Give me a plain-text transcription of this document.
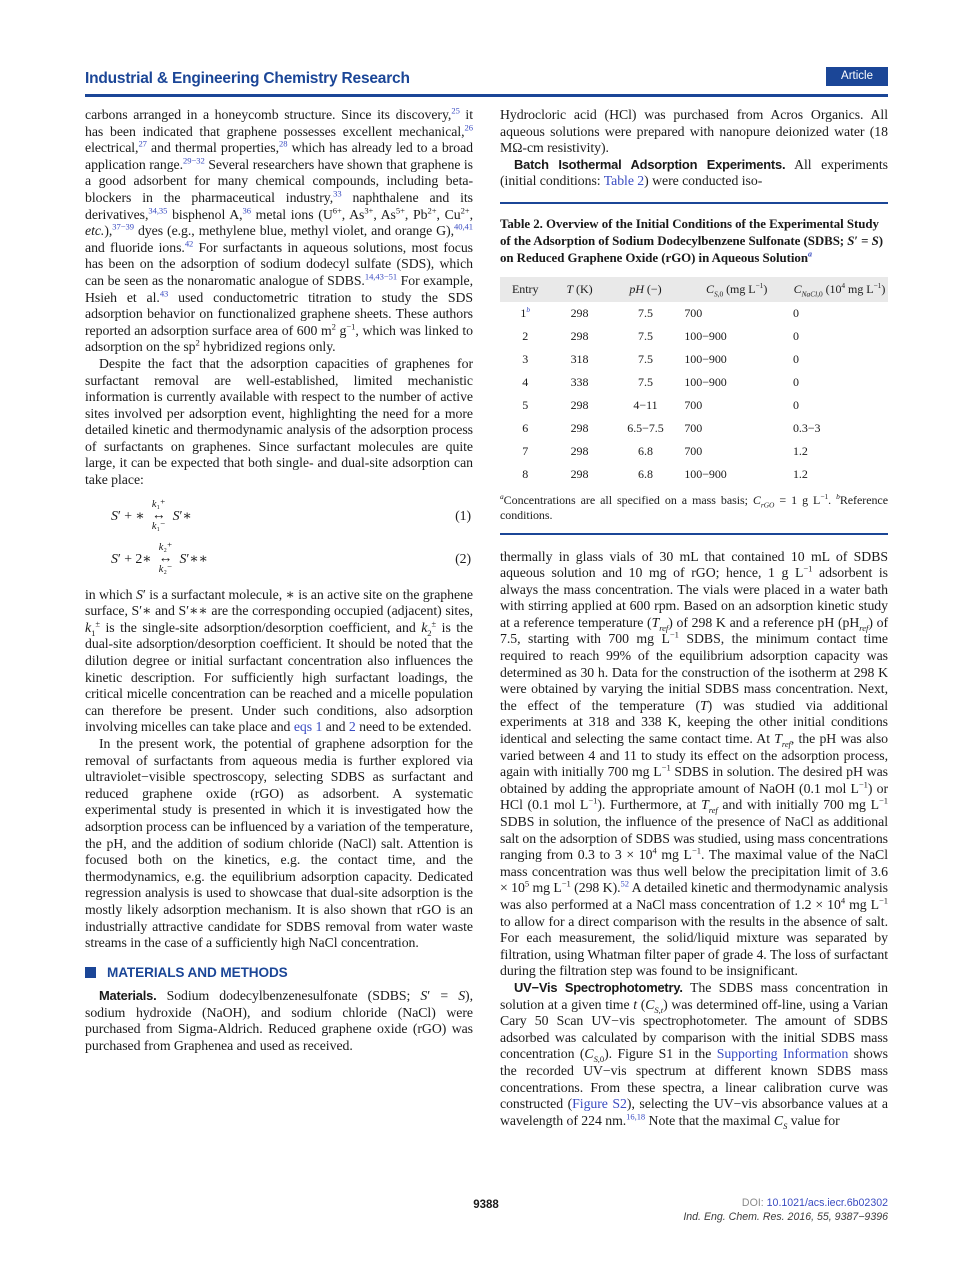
Industrial & Engineering Chemistry Research	Article

carbons arranged in a honeycomb structure. Since its discovery,$^{25}$ it has been indicated that graphene possesses excellent mechanical,$^{26}$ electrical,$^{27}$ and thermal properties,$^{28}$ which has already led to a broad application range.$^{29-32}$ Several researchers have shown that graphene is a good adsorbent for many chemical compounds, including beta-blockers in the pharmaceutical industry,$^{33}$ naphthalene and its derivatives,$^{34,35}$ bisphenol A,$^{36}$ metal ions ($U^{6+}$, $As^{3+}$, $As^{5+}$, $Pb^{2+}$, $Cu^{2+}$, etc.),$^{37-39}$ dyes (e.g., methylene blue, methyl violet, and orange G),$^{40,41}$ and fluoride ions.$^{42}$ For surfactants in aqueous solutions, most focus has been on the adsorption of sodium dodecyl sulfate (SDS), which can be seen as the nonaromatic analogue of SDBS.$^{14,43-51}$ For example, Hsieh et al.$^{43}$ used conductometric titration to study the SDS adsorption behavior on functionalized graphene sheets. These authors reported an adsorption surface area of 600 $m^2$ $g^{-1}$, which was linked to adsorption on the $sp^2$ hybridized regions only.

Despite the fact that the adsorption capacities of graphenes for surfactant removal are well-established, limited mechanistic information is currently available with respect to the number of active sites involved per adsorption event, highlighting the need for a more detailed kinetic and thermodynamic analysis of the adsorption process of surfactants on graphenes. Since surfactant molecules are quite large, it can be expected that both single- and dual-site adsorption can take place:

S′ + ∗
k₁⁺
↔
k₁⁻
S′∗	(1)
S′ + 2∗
k₂⁺
↔
k₂⁻
S′∗∗	(2)

in which S′ is a surfactant molecule, ∗ is an active site on the graphene surface, S′∗ and S′∗∗ are the corresponding occupied (adjacent) sites, $k_1^\pm$ is the single-site adsorption/desorption coefficient, and $k_2^\pm$ is the dual-site adsorption/desorption coefficient. It should be noted that the dilution degree or initial surfactant concentration also influences the kinetic description. For sufficiently high surfactant loadings, the critical micelle concentration can be reached and a micelle population can therefore be present. Under such conditions, also adsorption involving micelles can take place and eqs 1 and 2 need to be extended.

In the present work, the potential of graphene adsorption for the removal of surfactants from aqueous media is further explored via ultraviolet−visible spectroscopy, selecting SDBS as surfactant and reduced graphene oxide (rGO) as adsorbent. A systematic experimental study is presented in which it is investigated how the adsorption process can be influenced by a variation of the temperature, the pH, and the addition of sodium chloride (NaCl) salt. Attention is focused both on the kinetics, e.g. the contact time, and the thermodynamics, e.g. the equilibrium adsorption capacity. Dedicated regression analysis is used to showcase that dual-site adsorption is the mostly likely adsorption mechanism. It is also shown that rGO is an industrially attractive candidate for SDBS removal from water waste streams in the case of a sufficiently high NaCl concentration.

MATERIALS AND METHODS

Materials. Sodium dodecylbenzenesulfonate (SDBS; S′ = S), sodium hydroxide (NaOH), and sodium chloride (NaCl) were purchased from Sigma-Aldrich. Reduced graphene oxide (rGO) was purchased from Graphenea and used as received.

Hydrocloric acid (HCl) was purchased from Acros Organics. All aqueous solutions were prepared with nanopure deionized water (18 MΩ-cm resistivity).

Batch Isothermal Adsorption Experiments. All experiments (initial conditions: Table 2) were conducted iso-

Table 2. Overview of the Initial Conditions of the Experimental Study of the Adsorption of Sodium Dodecylbenzene Sulfonate (SDBS; S′ = S) on Reduced Graphene Oxide (rGO) in Aqueous Solution$^a$
Entry	T (K)	pH (−)	$C_{S,0}$ (mg $L^{-1}$)	$C_{NaCl,0}$ ($10^4$ mg $L^{-1}$)
1$^b$	298	7.5	700	0
2	298	7.5	100−900	0
3	318	7.5	100−900	0
4	338	7.5	100−900	0
5	298	4−11	700	0
6	298	6.5−7.5	700	0.3−3
7	298	6.8	700	1.2
8	298	6.8	100−900	1.2
$^a$Concentrations are all specified on a mass basis; $C_{rGO} = 1$ g $L^{-1}$. $^b$Reference conditions.

thermally in glass vials of 30 mL that contained 10 mL of SDBS aqueous solution and 10 mg of rGO; hence, 1 g $L^{-1}$ adsorbent is always the mass concentration. The vials were placed in a water bath with stirring applied at 600 rpm. Based on an adsorption kinetic study at a reference temperature $(T_{ref})$ of 298 K and a reference pH $(pH_{ref})$ of 7.5, starting with 700 mg $L^{-1}$ SDBS, the minimum contact time required to reach 99% of the equilibrium adsorption capacity was determined as 30 h. Data for the construction of the isotherm at 298 K were obtained by varying the initial SDBS mass concentration. Next, the effect of the temperature (T) was studied via additional experiments at 318 and 338 K, keeping the other initial conditions identical and selecting the same contact time. At $T_{ref}$, the pH was also varied between 4 and 11 to study its effect on the adsorption process, again with initially 700 mg $L^{-1}$ SDBS in solution. The desired pH was obtained by adding the appropriate amount of NaOH (0.1 mol $L^{-1}$) or HCl (0.1 mol $L^{-1}$). Furthermore, at $T_{ref}$ and with initially 700 mg $L^{-1}$ SDBS in solution, the influence of the presence of NaCl as additional salt on the adsorption of SDBS was studied, using mass concentrations ranging from 0.3 to $3 \times 10^4$ mg $L^{-1}$. The maximal value of the NaCl mass concentration was thus well below the precipitation limit of $3.6 \times 10^5$ mg $L^{-1}$ (298 K).$^{52}$ A detailed kinetic and thermodynamic analysis was also performed at a NaCl mass concentration of $1.2 \times 10^4$ mg $L^{-1}$ to allow for a direct comparison with the results in the absence of salt. For each measurement, the solid/liquid mixture was separated by filtration, using Whatman filter paper of grade 4. The loss of surfactant during the filtration step was found to be insignificant.

UV−Vis Spectrophotometry. The SDBS mass concentration in solution at a given time t $(C_{S,t})$ was determined off-line, using a Varian Cary 50 Scan UV−vis spectrophotometer. The amount of SDBS adsorbed was calculated by comparison with the initial SDBS mass concentration $(C_{S,0})$. Figure S1 in the Supporting Information shows the recorded UV−vis spectrum at different known SDBS mass concentrations. From these spectra, a linear calibration curve was constructed (Figure S2), selecting the UV−vis absorbance values at a wavelength of 224 nm.$^{16,18}$ Note that the maximal $C_S$ value for

9388	DOI: 10.1021/acs.iecr.6b02302
Ind. Eng. Chem. Res. 2016, 55, 9387−9396
